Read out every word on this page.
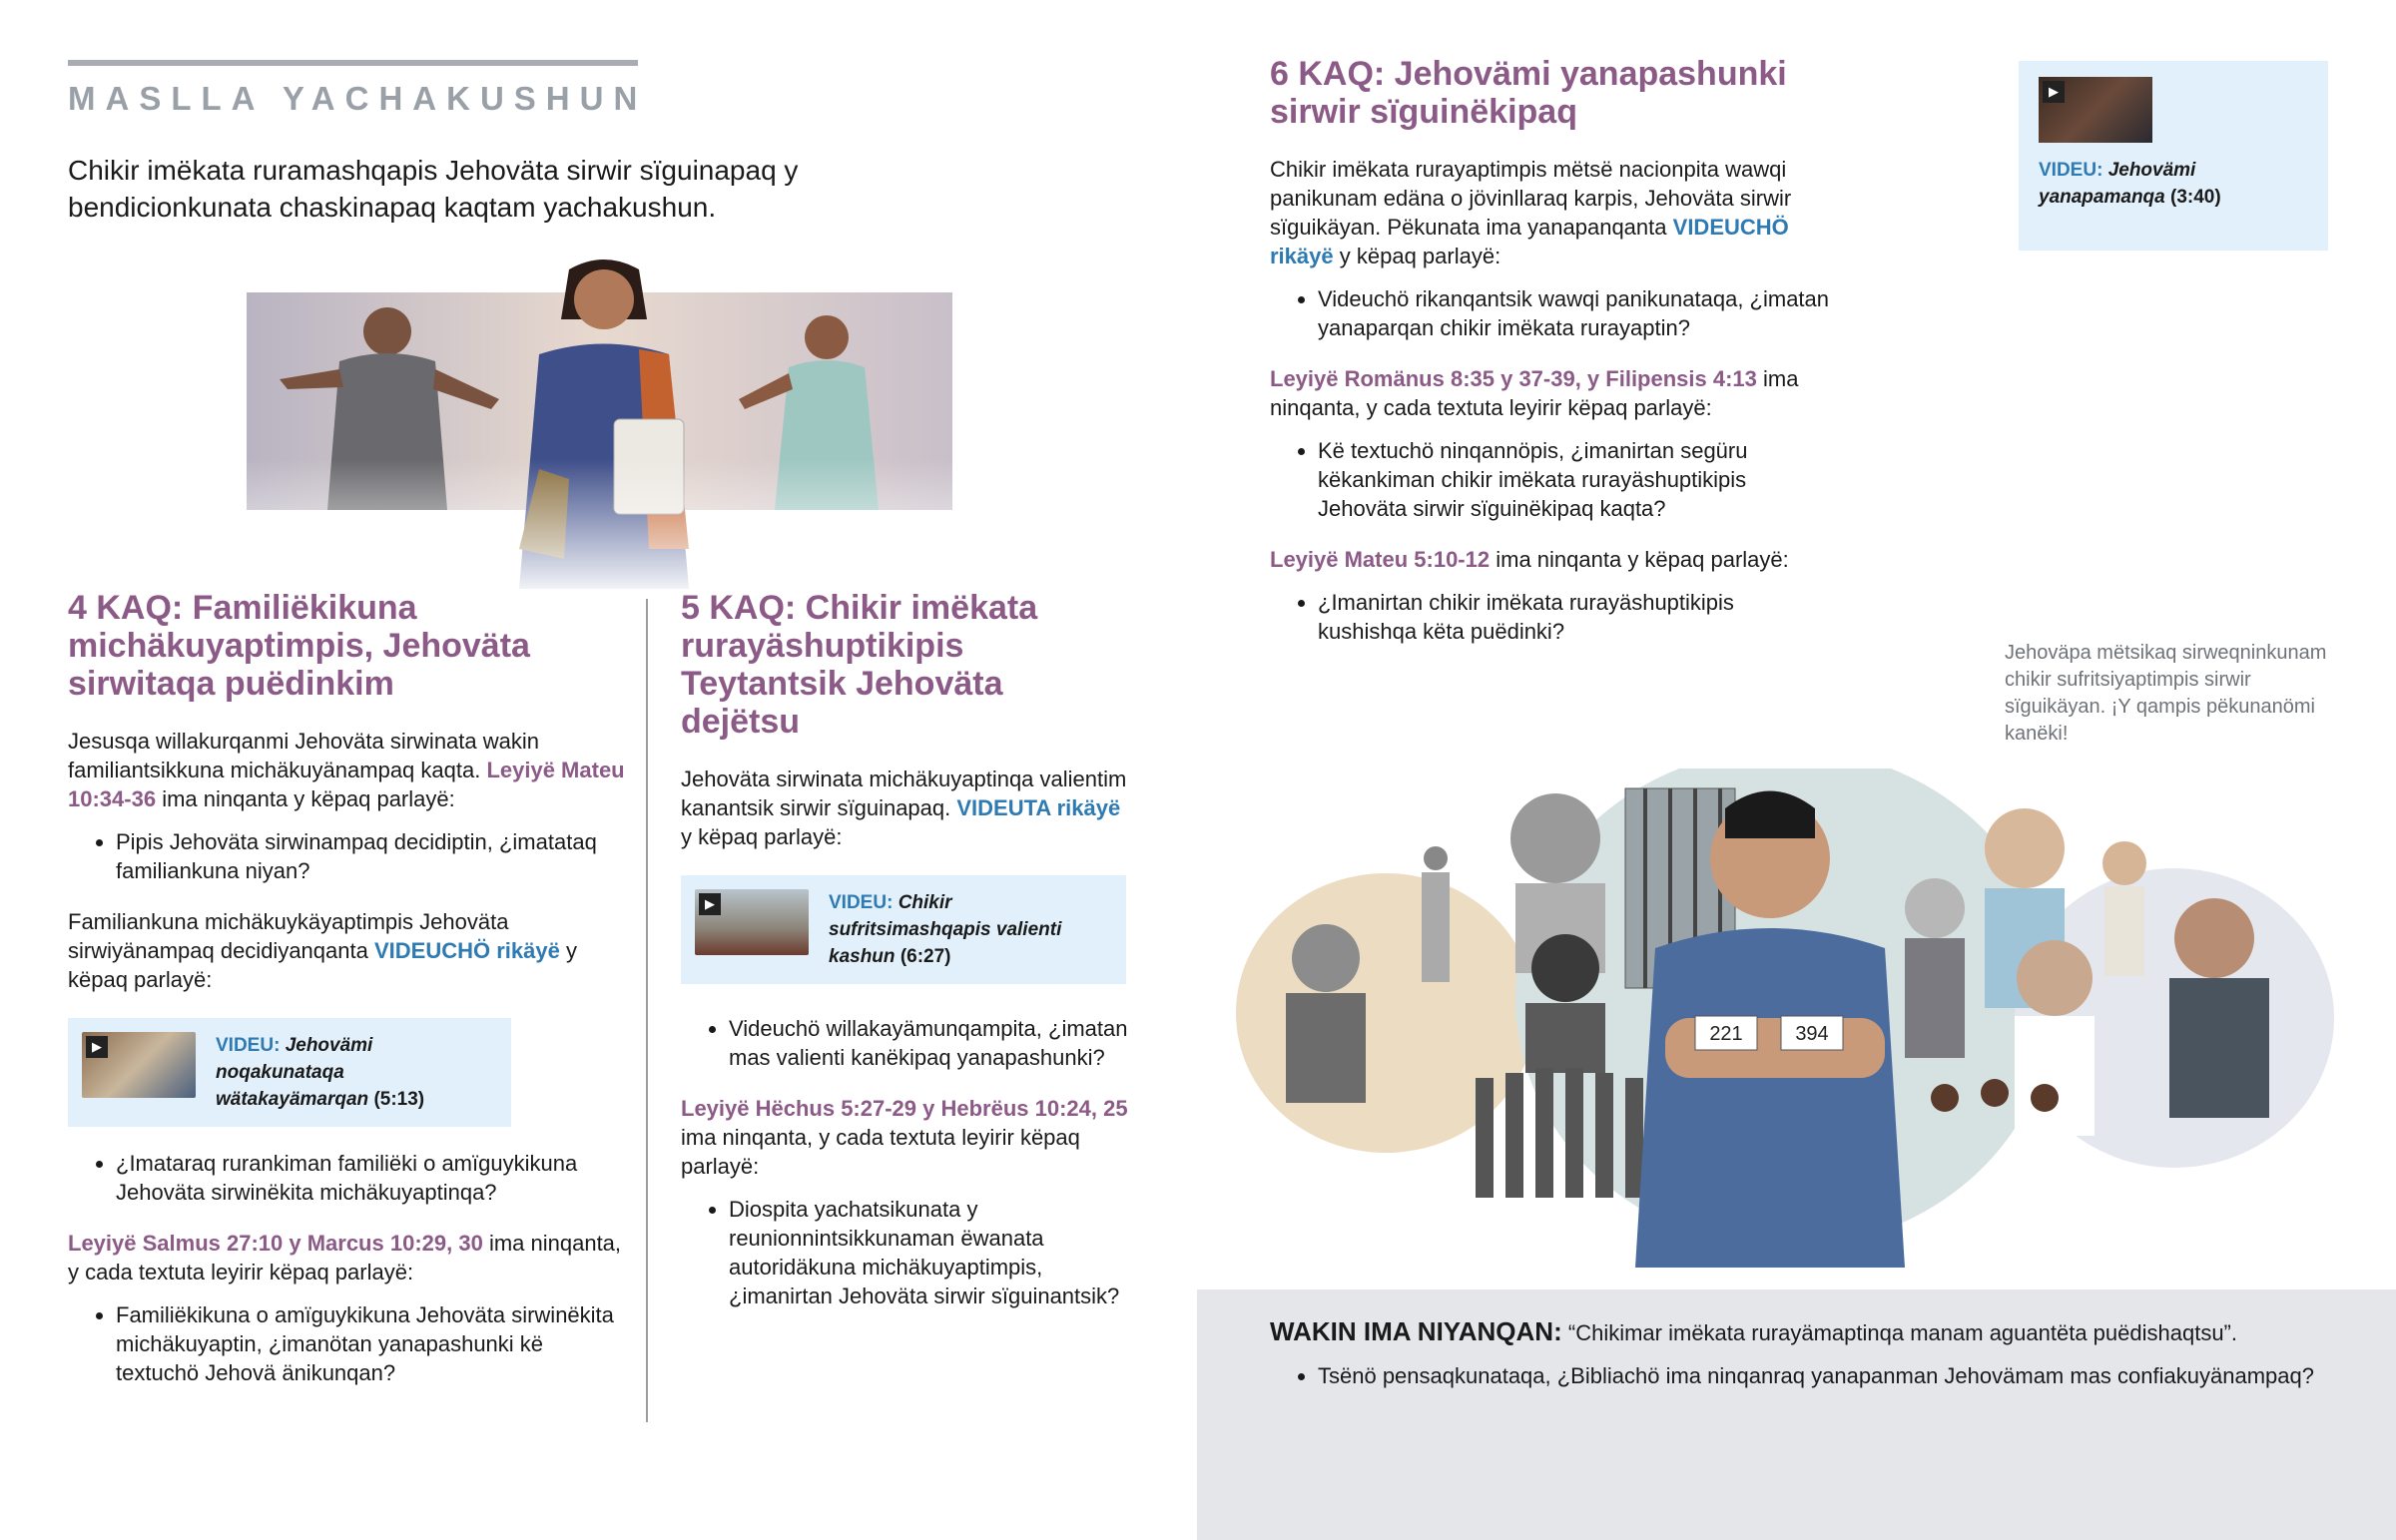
MASLLA YACHAKUSHUN
Chikir imëkata ruramashqapis Jehoväta sirwir sïguinapaq y bendicionkunata chaskinapaq kaqtam yachakushun.
4 KAQ: Familiëkikuna michäkuyaptimpis, Jehoväta sirwitaqa puëdinkim

Jesusqa willakurqanmi Jehoväta sirwinata wakin familiantsikkuna michäkuyänampaq kaqta. Leyiyë Mateu 10:34-36 ima ninqanta y këpaq parlayë:

• Pipis Jehoväta sirwinampaq decidiptin, ¿imatataq familiankuna niyan?

Familiankuna michäkuykäyaptimpis Jehoväta sirwiyänampaq decidiyanqanta VIDEUCHÖ rikäyë y këpaq parlayë:

▶	VIDEU: Jehovämi noqakunataqa wätakayämarqan (5:13)
• ¿Imataraq rurankiman familiëki o amïguykikuna Jehoväta sirwinëkita michäkuyaptinqa?

Leyiyë Salmus 27:10 y Marcus 10:29, 30 ima ninqanta, y cada textuta leyirir këpaq parlayë:

• Familiëkikuna o amïguykikuna Jehoväta sirwinëkita michäkuyaptin, ¿imanötan yanapashunki kë textuchö Jehovä änikunqan?
5 KAQ: Chikir imëkata rurayäshuptikipis Teytantsik Jehoväta dejëtsu

Jehoväta sirwinata michäkuyaptinqa valientim kanantsik sirwir sïguinapaq. VIDEUTA rikäyë y këpaq parlayë:

▶	VIDEU: Chikir sufritsimashqapis valienti kashun (6:27)
• Videuchö willakayämunqampita, ¿imatan mas valienti kanëkipaq yanapashunki?

Leyiyë Hëchus 5:27-29 y Hebrëus 10:24, 25 ima ninqanta, y cada textuta leyirir këpaq parlayë:

• Diospita yachatsikunata y reunionnintsikkunaman ëwanata autoridäkuna michäkuyaptimpis, ¿imanirtan Jehoväta sirwir sïguinantsik?
6 KAQ: Jehovämi yanapashunki sirwir sïguinëkipaq

Chikir imëkata rurayaptimpis mëtsë nacionpita wawqi panikunam edäna o jövinllaraq karpis, Jehoväta sirwir sïguikäyan. Pëkunata ima yanapanqanta VIDEUCHÖ rikäyë y këpaq parlayë:

• Videuchö rikanqantsik wawqi panikunataqa, ¿imatan yanaparqan chikir imëkata rurayaptin?

Leyiyë Romänus 8:35 y 37-39, y Filipensis 4:13 ima ninqanta, y cada textuta leyirir këpaq parlayë:

• Kë textuchö ninqannöpis, ¿imanirtan següru këkankiman chikir imëkata rurayäshuptikipis Jehoväta sirwir sïguinëkipaq kaqta?

Leyiyë Mateu 5:10-12 ima ninqanta y këpaq parlayë:

• ¿Imanirtan chikir imëkata rurayäshuptikipis kushishqa këta puëdinki?
▶
VIDEU: Jehovämi yanapamanqa (3:40)
Jehoväpa mëtsikaq sirweqninkunam chikir sufritsiyaptimpis sirwir sïguikäyan. ¡Y qampis pëkunanömi kanëki!
221	394
WAKIN IMA NIYANQAN: “Chikimar imëkata rurayämaptinqa manam aguantëta puëdishaqtsu”.
• Tsënö pensaqkunataqa, ¿Bibliachö ima ninqanraq yanapanman Jehovämam mas confiakuyänampaq?
